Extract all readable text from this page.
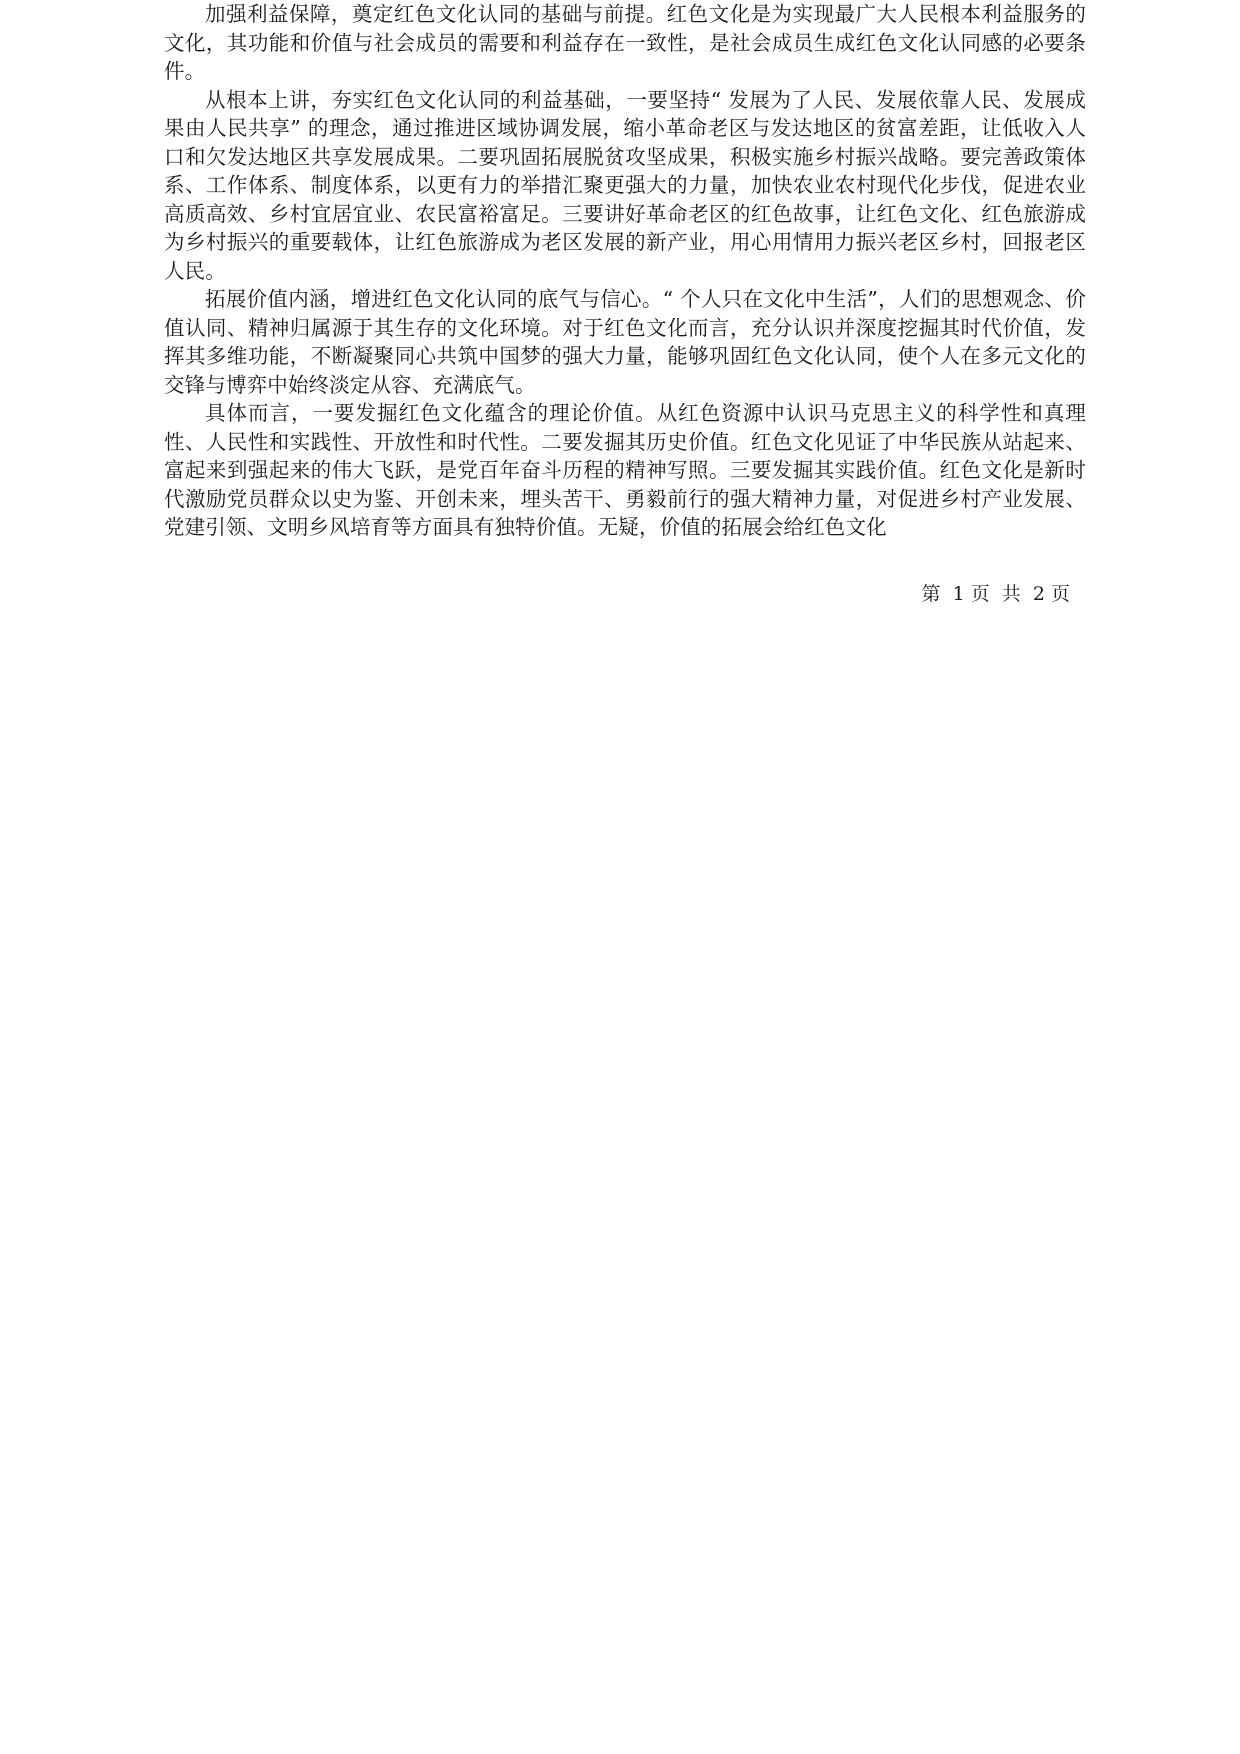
加强利益保障，奠定红色文化认同的基础与前提。红色文化是为实现最广大人民根本利益服务的文化，其功能和价值与社会成员的需要和利益存在一致性，是社会成员生成红色文化认同感的必要条件。

从根本上讲，夯实红色文化认同的利益基础，一要坚持“ 发展为了人民、发展依靠人民、发展成果由人民共享” 的理念，通过推进区域协调发展，缩小革命老区与发达地区的贫富差距，让低收入人口和欠发达地区共享发展成果。二要巩固拓展脱贫攻坚成果，积极实施乡村振兴战略。要完善政策体系、工作体系、制度体系，以更有力的举措汇聚更强大的力量，加快农业农村现代化步伐，促进农业高质高效、乡村宜居宜业、农民富裕富足。三要讲好革命老区的红色故事，让红色文化、红色旅游成为乡村振兴的重要载体，让红色旅游成为老区发展的新产业，用心用情用力振兴老区乡村，回报老区人民。

拓展价值内涵，增进红色文化认同的底气与信心。“ 个人只在文化中生活”，人们的思想观念、价值认同、精神归属源于其生存的文化环境。对于红色文化而言，充分认识并深度挖掘其时代价值，发挥其多维功能，不断凝聚同心共筑中国梦的强大力量，能够巩固红色文化认同，使个人在多元文化的交锋与博弈中始终淡定从容、充满底气。

具体而言，一要发掘红色文化蕴含的理论价值。从红色资源中认识马克思主义的科学性和真理性、人民性和实践性、开放性和时代性。二要发掘其历史价值。红色文化见证了中华民族从站起来、富起来到强起来的伟大飞跃，是党百年奋斗历程的精神写照。三要发掘其实践价值。红色文化是新时代激励党员群众以史为鉴、开创未来，埋头苦干、勇毅前行的强大精神力量，对促进乡村产业发展、党建引领、文明乡风培育等方面具有独特价值。无疑，价值的拓展会给红色文化

第  1 页  共  2 页
